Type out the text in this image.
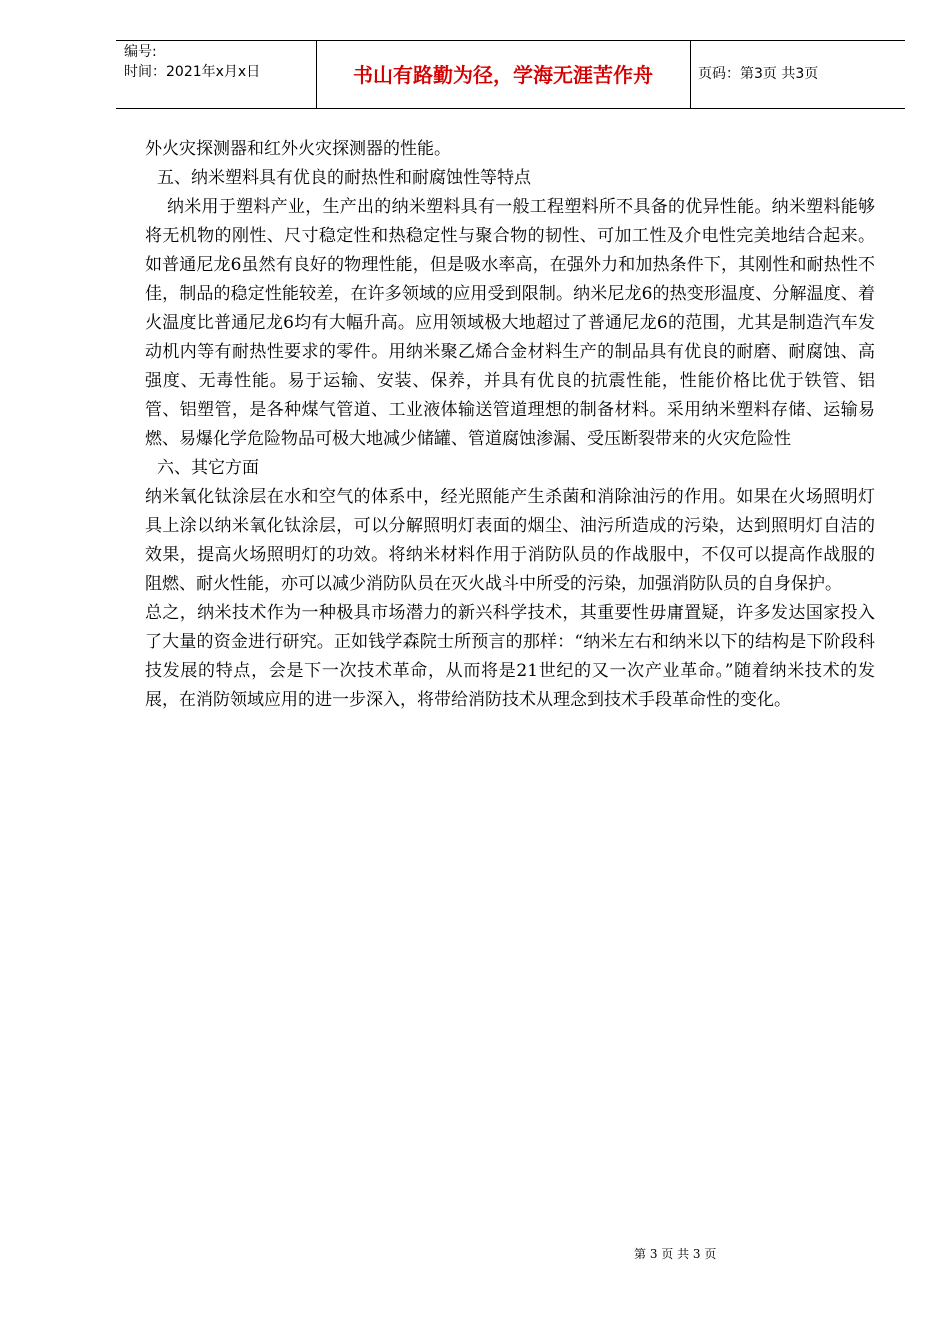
编号:
时间：2021年x月x日	书山有路勤为径，学海无涯苦作舟	页码：第3页 共3页

外火灾探测器和红外火灾探测器的性能。

五、纳米塑料具有优良的耐热性和耐腐蚀性等特点

纳米用于塑料产业，生产出的纳米塑料具有一般工程塑料所不具备的优异性能。纳米塑料能够将无机物的刚性、尺寸稳定性和热稳定性与聚合物的韧性、可加工性及介电性完美地结合起来。如普通尼龙6虽然有良好的物理性能，但是吸水率高，在强外力和加热条件下，其刚性和耐热性不佳，制品的稳定性能较差，在许多领域的应用受到限制。纳米尼龙6的热变形温度、分解温度、着火温度比普通尼龙6均有大幅升高。应用领域极大地超过了普通尼龙6的范围，尤其是制造汽车发动机内等有耐热性要求的零件。用纳米聚乙烯合金材料生产的制品具有优良的耐磨、耐腐蚀、高强度、无毒性能。易于运输、安装、保养，并具有优良的抗震性能，性能价格比优于铁管、铝管、铝塑管，是各种煤气管道、工业液体输送管道理想的制备材料。采用纳米塑料存储、运输易燃、易爆化学危险物品可极大地减少储罐、管道腐蚀渗漏、受压断裂带来的火灾危险性

六、其它方面

纳米氧化钛涂层在水和空气的体系中，经光照能产生杀菌和消除油污的作用。如果在火场照明灯具上涂以纳米氧化钛涂层，可以分解照明灯表面的烟尘、油污所造成的污染，达到照明灯自洁的效果，提高火场照明灯的功效。将纳米材料作用于消防队员的作战服中，不仅可以提高作战服的阻燃、耐火性能，亦可以减少消防队员在灭火战斗中所受的污染，加强消防队员的自身保护。

总之，纳米技术作为一种极具市场潜力的新兴科学技术，其重要性毋庸置疑，许多发达国家投入了大量的资金进行研究。正如钱学森院士所预言的那样：“纳米左右和纳米以下的结构是下阶段科技发展的特点，会是下一次技术革命，从而将是21世纪的又一次产业革命。”随着纳米技术的发展，在消防领域应用的进一步深入，将带给消防技术从理念到技术手段革命性的变化。

第 3 页 共 3 页
